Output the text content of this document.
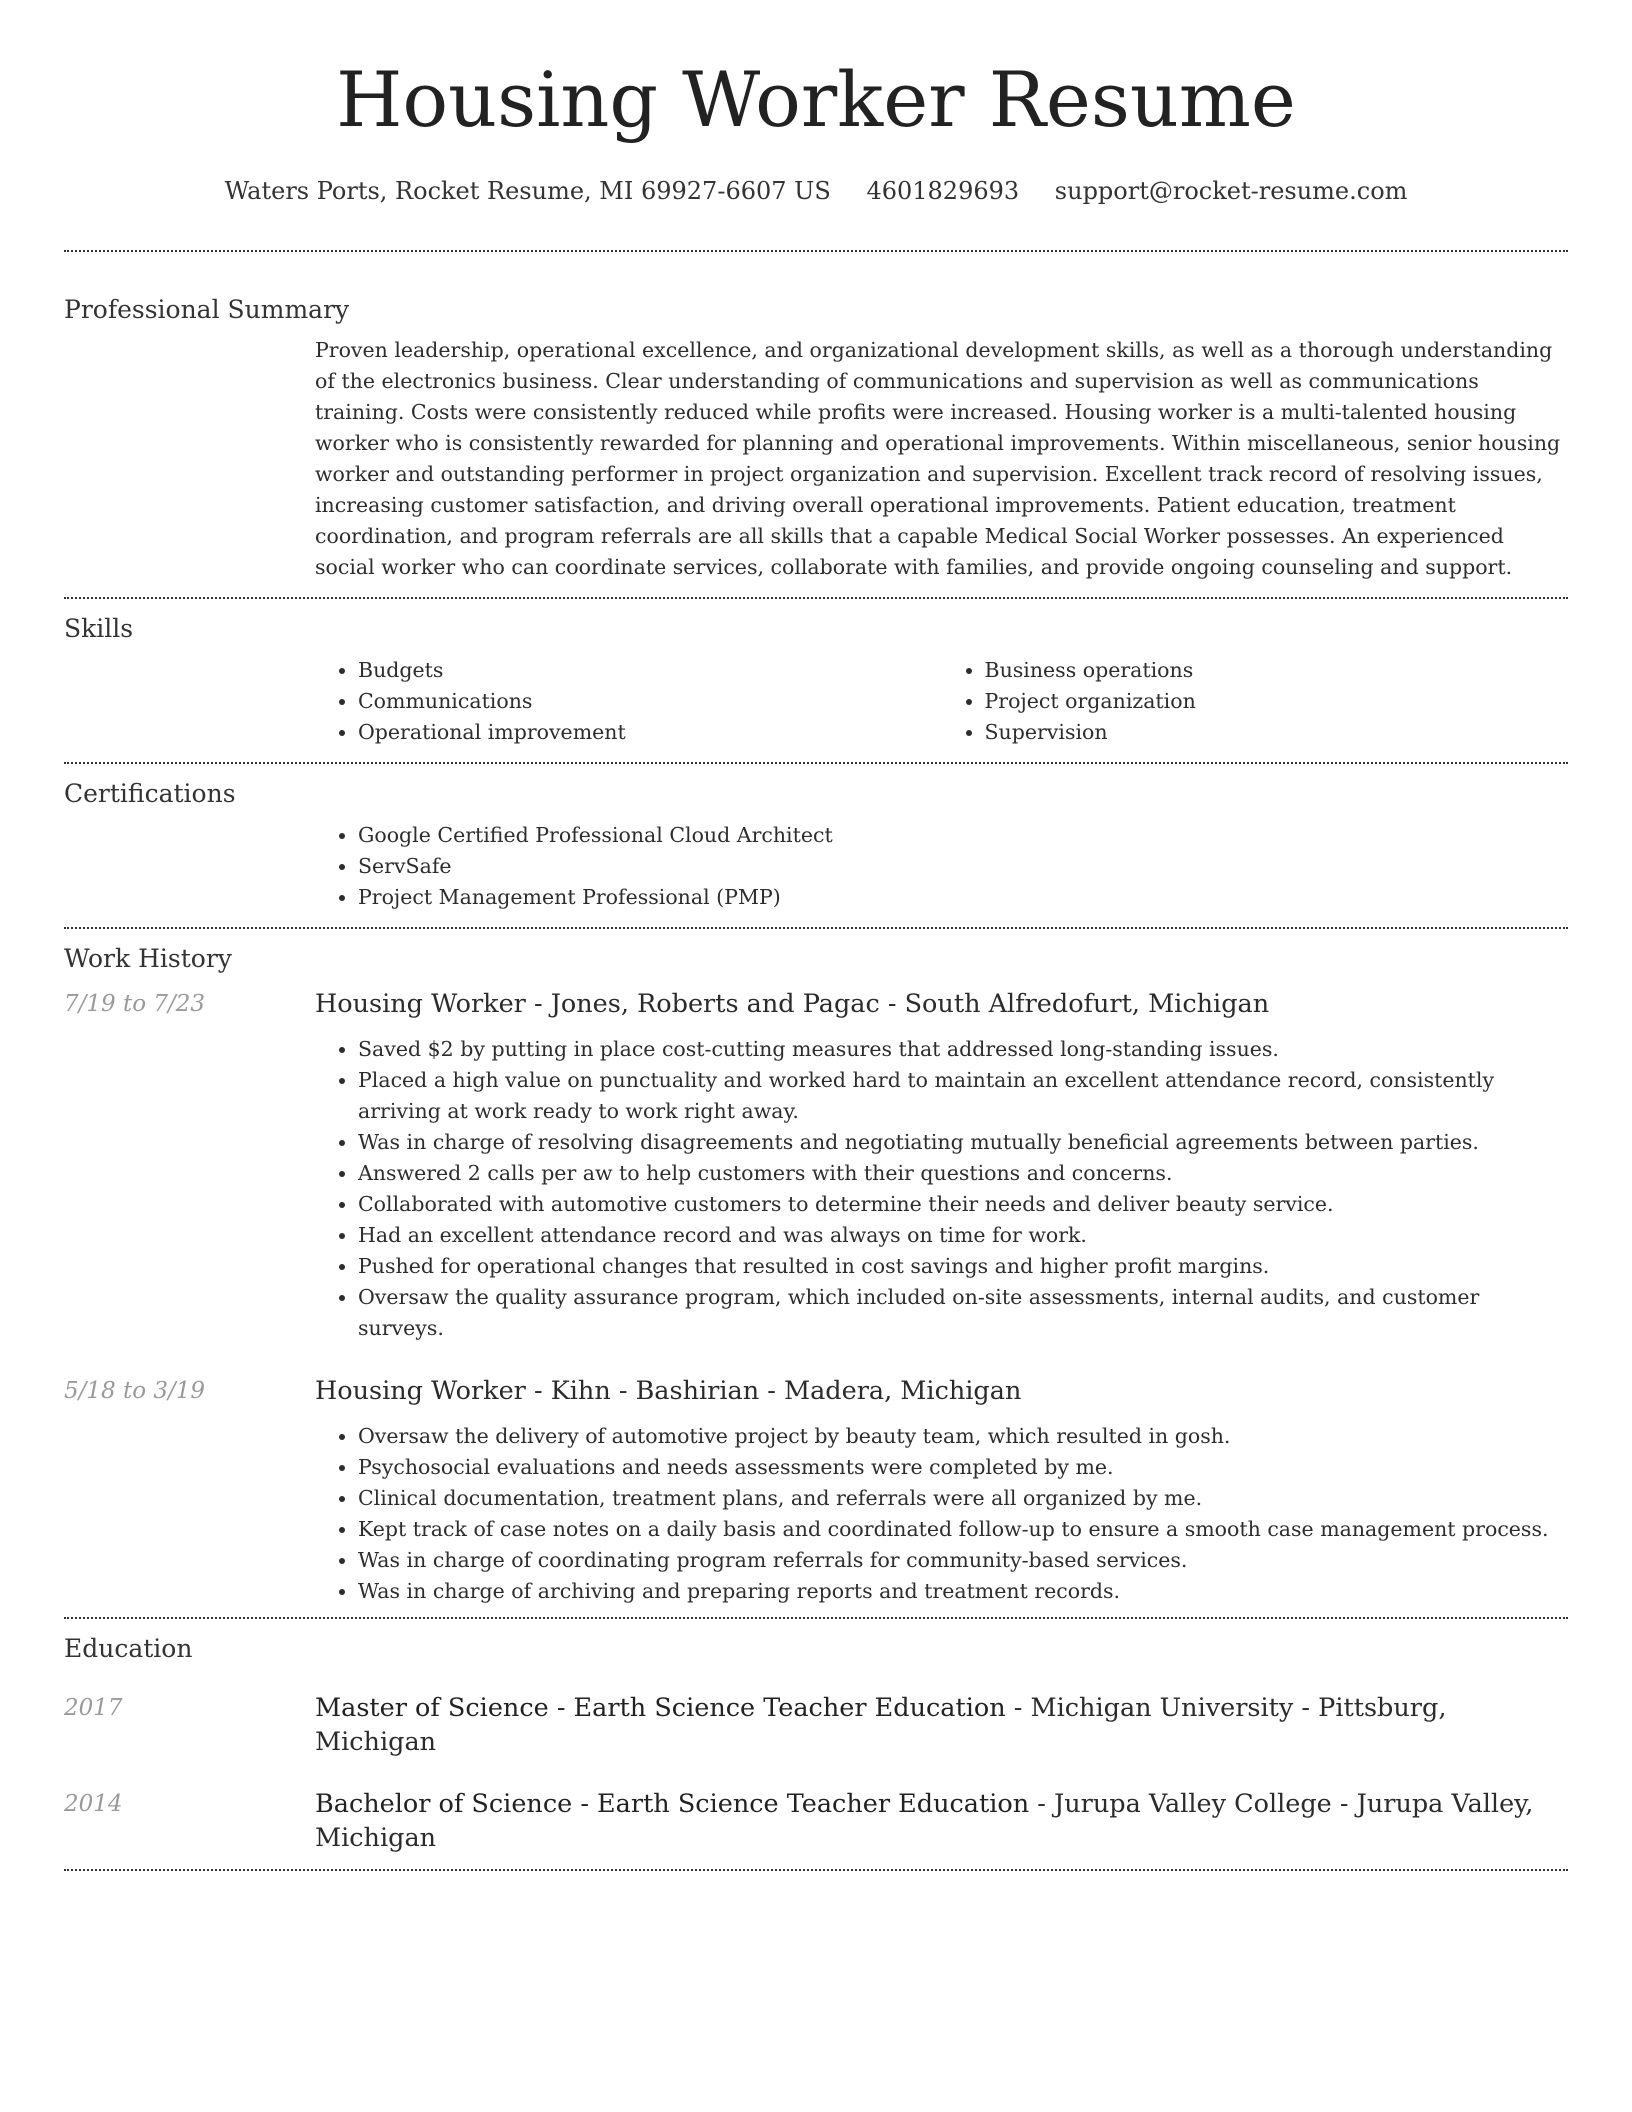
Housing Worker Resume
Waters Ports, Rocket Resume, MI 69927-6607 US 4601829693 support@rocket-resume.com
Professional Summary

Proven leadership, operational excellence, and organizational development skills, as well as a thorough understanding of the electronics business. Clear understanding of communications and supervision as well as communications training. Costs were consistently reduced while profits were increased. Housing worker is a multi-talented housing worker who is consistently rewarded for planning and operational improvements. Within miscellaneous, senior housing worker and outstanding performer in project organization and supervision. Excellent track record of resolving issues, increasing customer satisfaction, and driving overall operational improvements. Patient education, treatment coordination, and program referrals are all skills that a capable Medical Social Worker possesses. An experienced social worker who can coordinate services, collaborate with families, and provide ongoing counseling and support.

Skills
• Budgets
• Communications
• Operational improvement
• Business operations
• Project organization
• Supervision
Certifications
• Google Certified Professional Cloud Architect
• ServSafe
• Project Management Professional (PMP)
Work History
7/19 to 7/23	Housing Worker - Jones, Roberts and Pagac - South Alfredofurt, Michigan
• Saved $2 by putting in place cost-cutting measures that addressed long-standing issues.
• Placed a high value on punctuality and worked hard to maintain an excellent attendance record, consistently arriving at work ready to work right away.
• Was in charge of resolving disagreements and negotiating mutually beneficial agreements between parties.
• Answered 2 calls per aw to help customers with their questions and concerns.
• Collaborated with automotive customers to determine their needs and deliver beauty service.
• Had an excellent attendance record and was always on time for work.
• Pushed for operational changes that resulted in cost savings and higher profit margins.
• Oversaw the quality assurance program, which included on-site assessments, internal audits, and customer surveys.
5/18 to 3/19	Housing Worker - Kihn - Bashirian - Madera, Michigan
• Oversaw the delivery of automotive project by beauty team, which resulted in gosh.
• Psychosocial evaluations and needs assessments were completed by me.
• Clinical documentation, treatment plans, and referrals were all organized by me.
• Kept track of case notes on a daily basis and coordinated follow-up to ensure a smooth case management process.
• Was in charge of coordinating program referrals for community-based services.
• Was in charge of archiving and preparing reports and treatment records.
Education
2017	Master of Science - Earth Science Teacher Education - Michigan University - Pittsburg, Michigan
2014	Bachelor of Science - Earth Science Teacher Education - Jurupa Valley College - Jurupa Valley, Michigan
